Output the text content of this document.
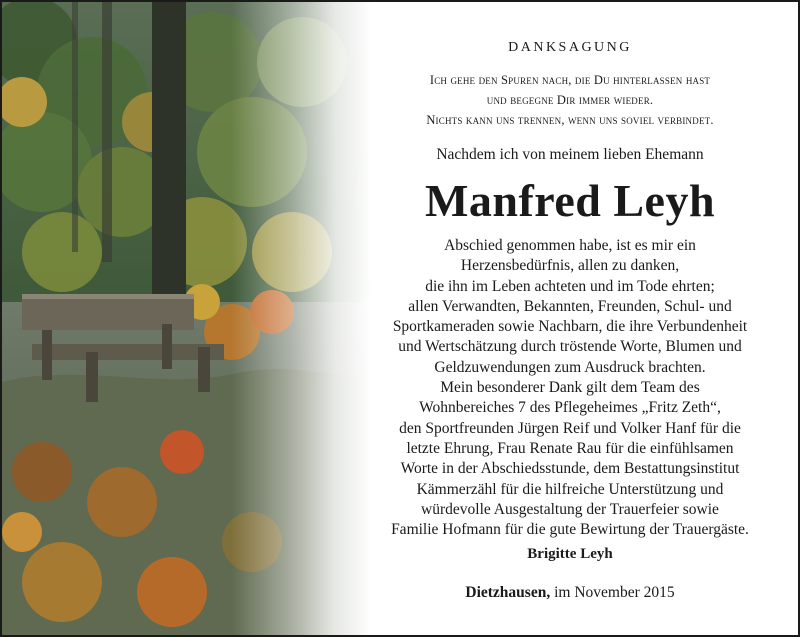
DANKSAGUNG
Ich gehe den Spuren nach, die Du hinterlassen hast
und begegne Dir immer wieder.
Nichts kann uns trennen, wenn uns soviel verbindet.
Nachdem ich von meinem lieben Ehemann
Manfred Leyh
Abschied genommen habe, ist es mir ein
Herzensbedürfnis, allen zu danken,
die ihn im Leben achteten und im Tode ehrten;
allen Verwandten, Bekannten, Freunden, Schul- und
Sportkameraden sowie Nachbarn, die ihre Verbundenheit
und Wertschätzung durch tröstende Worte, Blumen und
Geldzuwendungen zum Ausdruck brachten.
Mein besonderer Dank gilt dem Team des
Wohnbereiches 7 des Pflegeheimes „Fritz Zeth“,
den Sportfreunden Jürgen Reif und Volker Hanf für die
letzte Ehrung, Frau Renate Rau für die einfühlsamen
Worte in der Abschiedsstunde, dem Bestattungsinstitut
Kämmerzähl für die hilfreiche Unterstützung und
würdevolle Ausgestaltung der Trauerfeier sowie
Familie Hofmann für die gute Bewirtung der Trauergäste.
Brigitte Leyh
Dietzhausen, im November 2015
